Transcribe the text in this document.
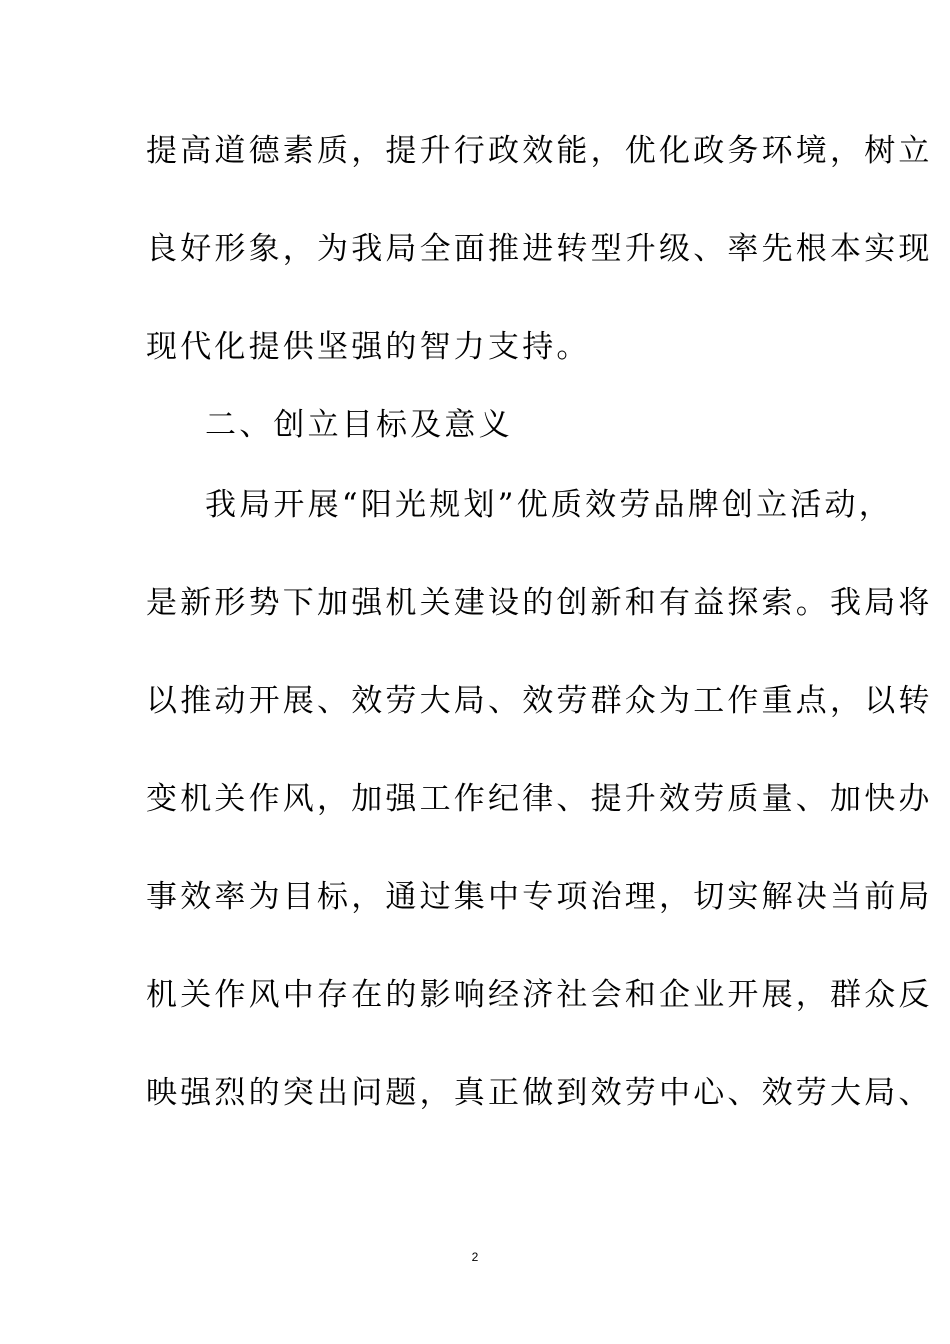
提高道德素质，提升行政效能，优化政务环境，树立
良好形象，为我局全面推进转型升级、率先根本实现
现代化提供坚强的智力支持。
二、创立目标及意义
我局开展“阳光规划”优质效劳品牌创立活动，
是新形势下加强机关建设的创新和有益探索。我局将
以推动开展、效劳大局、效劳群众为工作重点，以转
变机关作风，加强工作纪律、提升效劳质量、加快办
事效率为目标，通过集中专项治理，切实解决当前局
机关作风中存在的影响经济社会和企业开展，群众反
映强烈的突出问题，真正做到效劳中心、效劳大局、
2
